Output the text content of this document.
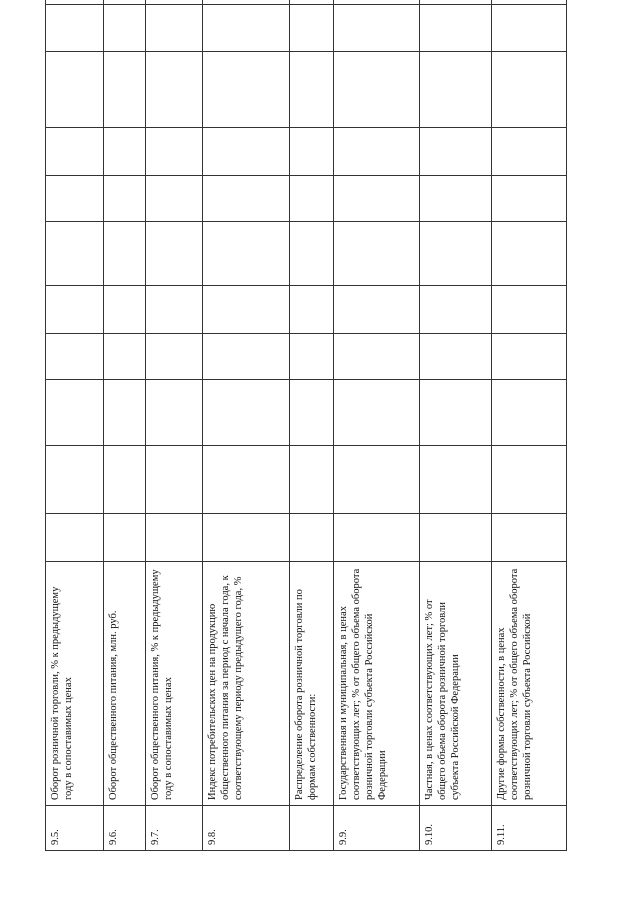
9.5.	Оборот розничной торговли, % к предыдущему году в сопоставимых ценах											
9.6.	Оборот общественного питания, млн. руб.											
9.7.	Оборот общественного питания, % к предыдущему году в сопоставимых ценах											
9.8.	Индекс потребительских цен на продукцию общественного питания за период с начала года, к соответствующему периоду предыдущего года, %											
	Распределение оборота розничной торговли по формам собственности:											
9.9.	Государственная и муниципальная, в ценах соответствующих лет; % от общего объема оборота розничной торговли субъекта Российской Федерации											
9.10.	Частная, в ценах соответствующих лет; % от общего объема оборота розничной торговли субъекта Российской Федерации											
9.11.	Другие формы собственности, в ценах соответствующих лет; % от общего объема оборота розничной торговли субъекта Российской											
